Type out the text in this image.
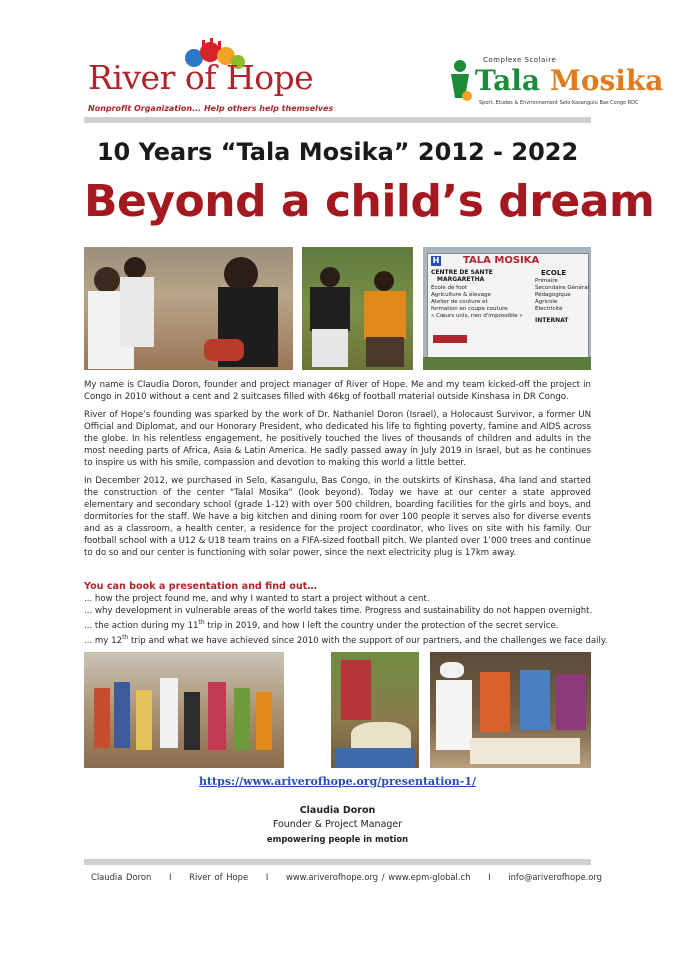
River of Hope
Nonprofit Organization... Help others help themselves
Complexe Scolaire
Tala Mosika
Sport, Etudes & Environnement Selo Kasangulu Bas Congo RDC
10 Years “Tala Mosika” 2012 - 2022
Beyond a child’s dream
H TALA MOSIKA
CENTRE DE SANTE
MARGARETHA
Ecole de foot
Agriculture & élevage
Atelier de couture et
formation en coupe couture
« Cœurs unis, rien d'impossible »
ECOLE
Primaire
Secondaire Général
Pédagogique
Agricole
Electricité
INTERNAT

My name is Claudia Doron, founder and project manager of River of Hope. Me and my team kicked-off the project in Congo in 2010 without a cent and 2 suitcases filled with 46kg of football material outside Kinshasa in DR Congo.

River of Hope’s founding was sparked by the work of Dr. Nathaniel Doron (Israel), a Holocaust Survivor, a former UN Official and Diplomat, and our Honorary President, who dedicated his life to fighting poverty, famine and AIDS across the globe. In his relentless engagement, he positively touched the lives of thousands of children and adults in the most needing parts of Africa, Asia & Latin America. He sadly passed away in July 2019 in Israel, but as he continues to inspire us with his smile, compassion and devotion to making this world a little better.

In December 2012, we purchased in Selo, Kasangulu, Bas Congo, in the outskirts of Kinshasa, 4ha land and started the construction of the center "Talal Mosika" (look beyond). Today we have at our center a state approved elementary and secondary school (grade 1-12) with over 500 children, boarding facilities for the girls and boys, and dormitories for the staff. We have a big kitchen and dining room for over 100 people it serves also for diverse events and as a classroom, a health center, a residence for the project coordinator, who lives on site with his family. Our football school with a U12 & U18 team trains on a FIFA-sized football pitch. We planted over 1’000 trees and continue to do so and our center is functioning with solar power, since the next electricity plug is 17km away.

You can book a presentation and find out…
... how the project found me, and why I wanted to start a project without a cent.
... why development in vulnerable areas of the world takes time. Progress and sustainability do not happen overnight.
... the action during my 11th trip in 2019, and how I left the country under the protection of the secret service.
... my 12th trip and what we have achieved since 2010 with the support of our partners, and the challenges we face daily.
https://www.ariverofhope.org/presentation-1/
Claudia Doron
Founder & Project Manager
empowering people in motion
Claudia Doron I River of Hope I www.ariverofhope.org / www.epm-global.ch I info@ariverofhope.org
